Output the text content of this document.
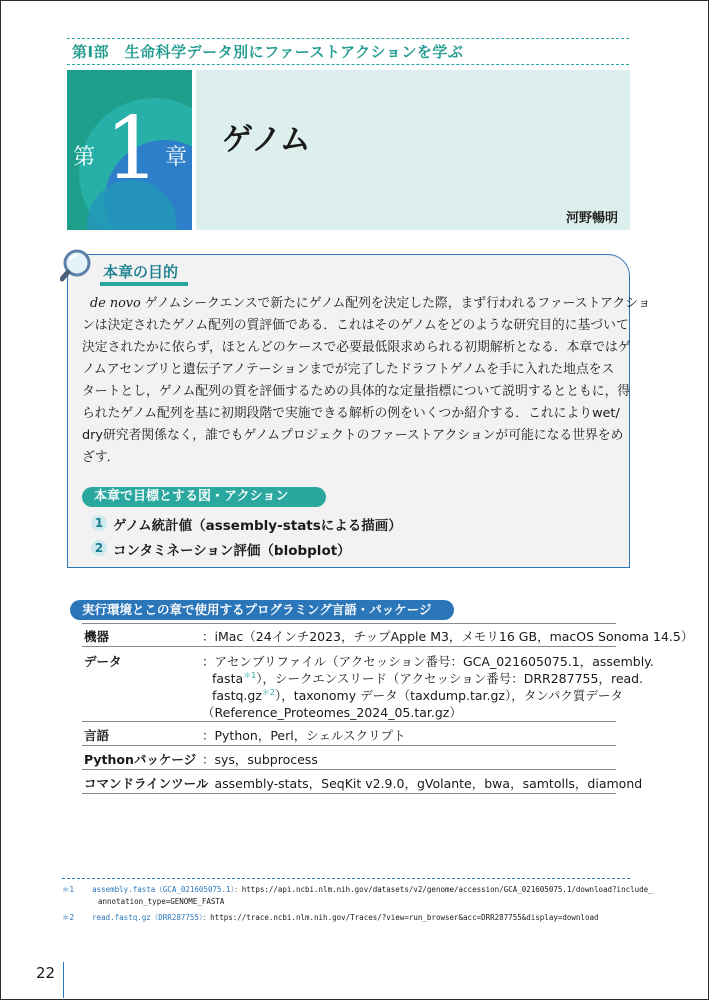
第Ⅰ部　生命科学データ別にファーストアクションを学ぶ
第 1 章 ゲノム
河野暢明
本章の目的
de novo ゲノムシークエンスで新たにゲノム配列を決定した際，まず行われるファーストアクショ
ンは決定されたゲノム配列の質評価である．これはそのゲノムをどのような研究目的に基づいて
決定されたかに依らず，ほとんどのケースで必要最低限求められる初期解析となる．本章ではゲ
ノムアセンブリと遺伝子アノテーションまでが完了したドラフトゲノムを手に入れた地点をス
タートとし，ゲノム配列の質を評価するための具体的な定量指標について説明するとともに，得
られたゲノム配列を基に初期段階で実施できる解析の例をいくつか紹介する．これによりwet/
dry研究者関係なく，誰でもゲノムプロジェクトのファーストアクションが可能になる世界をめ
ざす．
本章で目標とする図・アクション
1 ゲノム統計値（assembly-statsによる描画）
2 コンタミネーション評価（blobplot）
実行環境とこの章で使用するプログラミング言語・パッケージ
機器	：iMac（24インチ2023，チップApple M3，メモリ16 GB，macOS Sonoma 14.5）
データ	：アセンブリファイル（アクセッション番号：GCA_021605075.1，assembly.
fasta$^{*1}$），シークエンスリード（アクセッション番号：DRR287755，read.
$fastq.gz^{*2}$），taxonomy データ（taxdump.tar.gz），タンパク質データ
（Reference_Proteomes_2024_05.tar.gz）
言語	：Python，Perl，シェルスクリプト
Pythonパッケージ ：sys，subprocess
コマンドラインツール
：assembly-stats，SeqKit v2.9.0，gVolante，bwa，samtolls，diamond
＊1 assembly.fasta（GCA_021605075.1）：https://api.ncbi.nlm.nih.gov/datasets/v2/genome/accession/GCA_021605075.1/download?include_
annotation_type=GENOME_FASTA
＊2 read.fastq.gz（DRR287755）：https://trace.ncbi.nlm.nih.gov/Traces/?view=run_browser&acc=DRR287755&display=download
22
